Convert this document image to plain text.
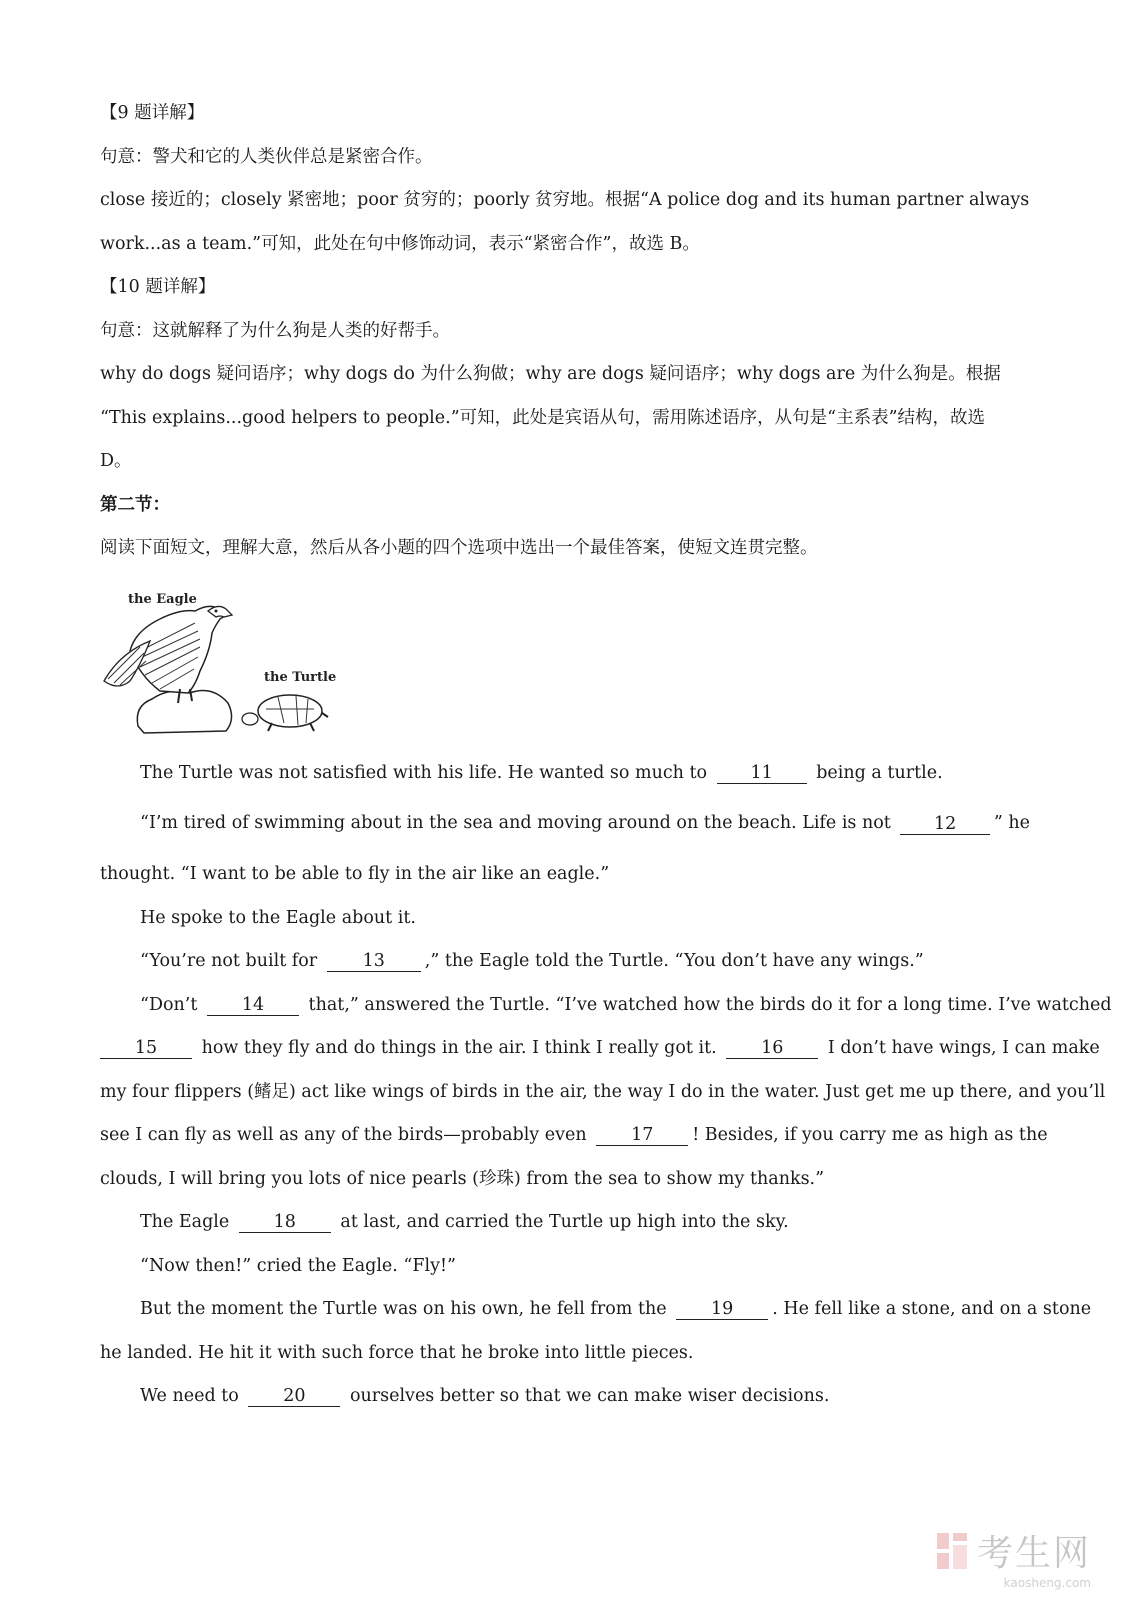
【9 题详解】
句意：警犬和它的人类伙伴总是紧密合作。
close 接近的；closely 紧密地；poor 贫穷的；poorly 贫穷地。根据“A police dog and its human partner always
work...as a team.”可知，此处在句中修饰动词，表示“紧密合作”，故选 B。
【10 题详解】
句意：这就解释了为什么狗是人类的好帮手。
why do dogs 疑问语序；why dogs do 为什么狗做；why are dogs 疑问语序；why dogs are 为什么狗是。根据
“This explains...good helpers to people.”可知，此处是宾语从句，需用陈述语序，从句是“主系表”结构，故选
D。
第二节：
阅读下面短文，理解大意，然后从各小题的四个选项中选出一个最佳答案，使短文连贯完整。
the Eagle
the Turtle
The Turtle was not satisfied with his life. He wanted so much to 11 being a turtle.
“I’m tired of swimming about in the sea and moving around on the beach. Life is not
	12	” he
thought. “I want to be able to fly in the air like an eagle.”
He spoke to the Eagle about it.
“You’re not built for	13 ,” the Eagle told the Turtle. “You don’t have any wings.”
“Don’t	14	that,” answered the Turtle. “I’ve watched how the birds do it for a long time. I’ve watched
15	how they fly and do things in the air. I think I really got it.	16	I don’t have wings, I can make
my four flippers (鳍足) act like wings of birds in the air, the way I do in the water. Just get me up there, and you’ll
see I can fly as well as any of the birds—probably even	17 ! Besides, if you carry me as high as the
clouds, I will bring you lots of nice pearls (珍珠) from the sea to show my thanks.”
The Eagle	18	at last, and carried the Turtle up high into the sky.
“Now then!” cried the Eagle. “Fly!”
But the moment the Turtle was on his own, he fell from the	19 . He fell like a stone, and on a stone
he landed. He hit it with such force that he broke into little pieces.
We need to	20	ourselves better so that we can make wiser decisions.
考生网
kaosheng.com
